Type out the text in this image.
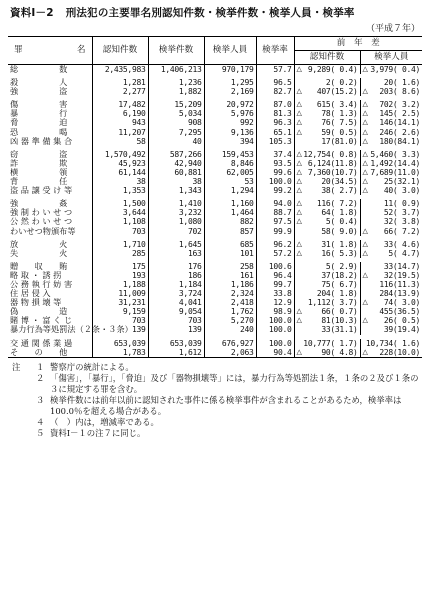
資料Ⅰ－2 刑法犯の主要罪名別認知件数・検挙件数・検挙人員・検挙率
（平成７年）
罪 名	認知件数	検挙件数	検挙人員	検挙率	前　年　差	
					認知件数	検挙人員
総　　　　　数	2,435,983	1,406,213	970,179	57.7	△ 9,289( 0.4)	△ 3,979( 0.4)

殺　　　　　人	1,281	1,236	1,295	96.5	2( 0.2)	20( 1.6)
強　　　　　盗	2,277	1,882	2,169	82.7	△ 407(15.2)	△ 203( 8.6)

傷　　　　　害	17,482	15,209	20,972	87.0	△ 615( 3.4)	△ 702( 3.2)
暴　　　　　行	6,190	5,034	5,976	81.3	△ 78( 1.3)	△ 145( 2.5)
脅　　　　　迫	943	908	992	96.3	△ 76( 7.5)	△ 146(14.1)
恐　　　　　喝	11,207	7,295	9,136	65.1	△ 59( 0.5)	△ 246( 2.6)
凶 器 準 備 集 合	58	40	394	105.3	17(81.0)	△ 180(84.1)

窃　　　　　盗	1,570,492	587,266	159,453	37.4	△ 12,754( 0.8)	△ 5,460( 3.3)
詐　　　　　欺	45,923	42,940	8,846	93.5	△ 6,124(11.8)	△ 1,492(14.4)
横　　　　　領	61,144	60,881	62,005	99.6	△ 7,360(10.7)	△ 7,689(11.0)
背　　　　　任	38	38	53	100.0	△ 20(34.5)	△ 25(32.1)
盗 品 譲 受 け 等	1,353	1,343	1,294	99.2	△ 38( 2.7)	△ 40( 3.0)

強　　　　　姦	1,500	1,410	1,160	94.0	△ 116( 7.2)	11( 0.9)
強 制 わ い せ つ	3,644	3,232	1,464	88.7	△ 64( 1.8)	52( 3.7)
公 然 わ い せ つ	1,108	1,080	882	97.5	△ 5( 0.4)	32( 3.8)
わいせつ物頒布等	703	702	857	99.9	58( 9.0)	△ 66( 7.2)

放　　　　　火	1,710	1,645	685	96.2	△ 31( 1.8)	△ 33( 4.6)
失　　　　　火	285	163	101	57.2	△ 16( 5.3)	△ 5( 4.7)

贈　　収　　賄	175	176	258	100.6	5( 2.9)	33(14.7)
略 取 ・ 誘 拐	193	186	161	96.4	37(18.2)	△ 32(19.5)
公 務 執 行 妨 害	1,188	1,184	1,186	99.7	75( 6.7)	116(11.3)
住 居 侵 入	11,009	3,724	2,324	33.8	204( 1.8)	284(13.9)
器 物 損 壊 等	31,231	4,041	2,418	12.9	1,112( 3.7)	△ 74( 3.0)
偽　　　　　造	9,159	9,054	1,762	98.9	△ 66( 0.7)	455(36.5)
賭 博 ・ 富 く じ	703	703	5,270	100.0	△ 81(10.3)	△ 26( 0.5)
暴力行為等処罰法（２条・３条）	139	139	240	100.0	33(31.1)	39(19.4)

交 通 関 係 業 過	653,039	653,039	676,927	100.0	10,777( 1.7)	10,734( 1.6)
そ　　の　　他	1,783	1,612	2,063	90.4	△ 90( 4.8)	△ 228(10.0)
注	１ 警察庁の統計による。
２ 「傷害」，「暴行」，「脅迫」及び「器物損壊等」には，暴力行為等処罰法１条，１条の２及び１条の３に規定する罪を含む。
３ 検挙件数には前年以前に認知された事件に係る検挙事件が含まれることがあるため，検挙率は100.0％を超える場合がある。
４ （　）内は，増減率である。
５ 資料Ⅰ－１の注７に同じ。
